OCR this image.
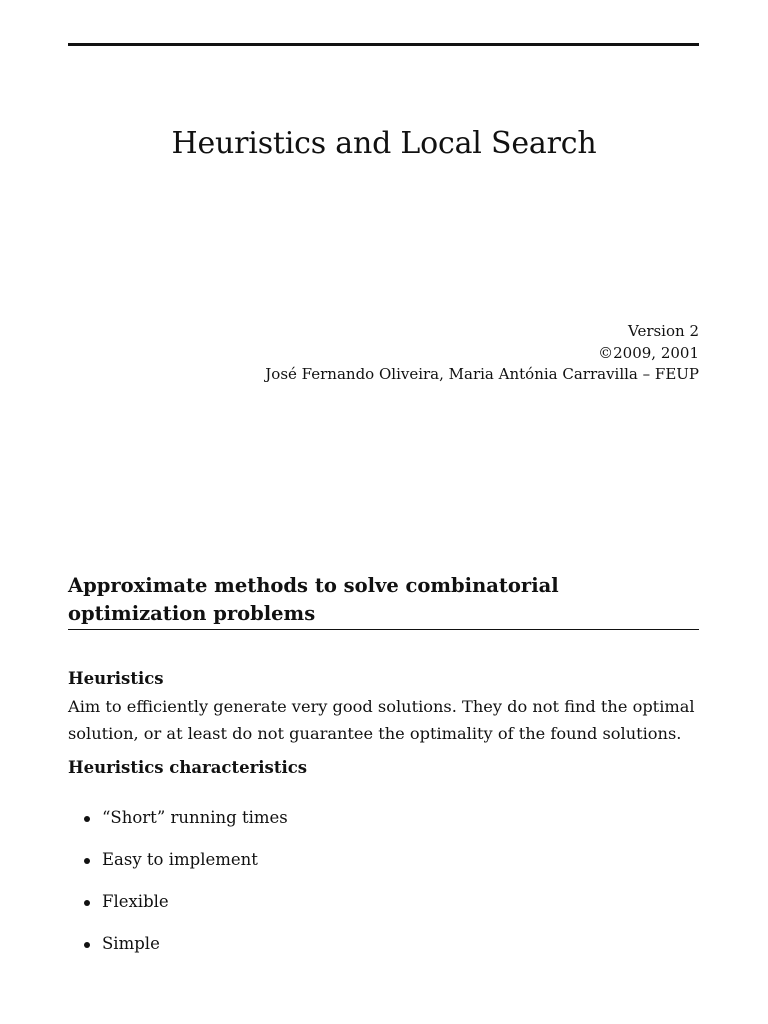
Heuristics and Local Search
Version 2
©2009, 2001
José Fernando Oliveira, Maria Antónia Carravilla – FEUP
Approximate methods to solve combinatorial
optimization problems
Heuristics
Aim to efficiently generate very good solutions. They do not find the optimal
solution, or at least do not guarantee the optimality of the found solutions.
Heuristics characteristics
“Short” running times
Easy to implement
Flexible
Simple
